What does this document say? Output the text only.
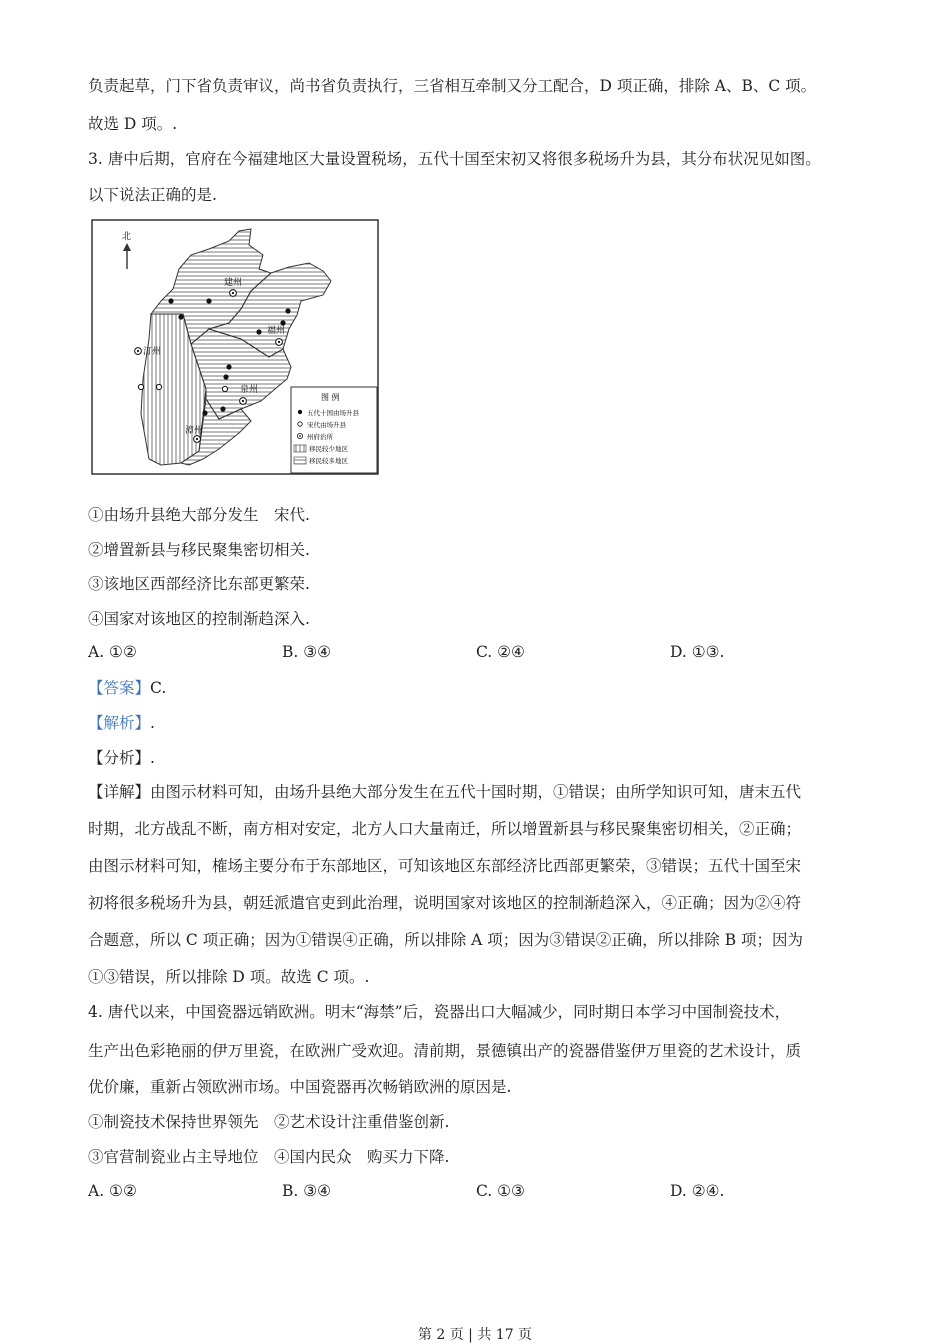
负责起草，门下省负责审议，尚书省负责执行，三省相互牵制又分工配合，D 项正确，排除 A、B、C 项。
故选 D 项。.
3. 唐中后期，官府在今福建地区大量设置税场，五代十国至宋初又将很多税场升为县，其分布状况见如图。
以下说法正确的是.
北
建州
汀州
福州
泉州
漳州
图 例
五代十国由场升县
宋代由场升县
州府治所
移民较少地区
移民较多地区
①由场升县绝大部分发生　宋代.
②增置新县与移民聚集密切相关.
③该地区西部经济比东部更繁荣.
④国家对该地区的控制渐趋深入.
A. ①②	B. ③④	C. ②④	D. ①③.
【答案】C.
【解析】.
【分析】.
【详解】由图示材料可知，由场升县绝大部分发生在五代十国时期，①错误；由所学知识可知，唐末五代
时期，北方战乱不断，南方相对安定，北方人口大量南迁，所以增置新县与移民聚集密切相关，②正确；
由图示材料可知，榷场主要分布于东部地区，可知该地区东部经济比西部更繁荣，③错误；五代十国至宋
初将很多税场升为县，朝廷派遣官吏到此治理，说明国家对该地区的控制渐趋深入，④正确；因为②④符
合题意，所以 C 项正确；因为①错误④正确，所以排除 A 项；因为③错误②正确，所以排除 B 项；因为
①③错误，所以排除 D 项。故选 C 项。.
4. 唐代以来，中国瓷器远销欧洲。明末“海禁”后，瓷器出口大幅减少，同时期日本学习中国制瓷技术，
生产出色彩艳丽的伊万里瓷，在欧洲广受欢迎。清前期，景德镇出产的瓷器借鉴伊万里瓷的艺术设计，质
优价廉，重新占领欧洲市场。中国瓷器再次畅销欧洲的原因是.
①制瓷技术保持世界领先　②艺术设计注重借鉴创新.
③官营制瓷业占主导地位　④国内民众　购买力下降.
A. ①②	B. ③④	C. ①③	D. ②④.
第 2 页 | 共 17 页
